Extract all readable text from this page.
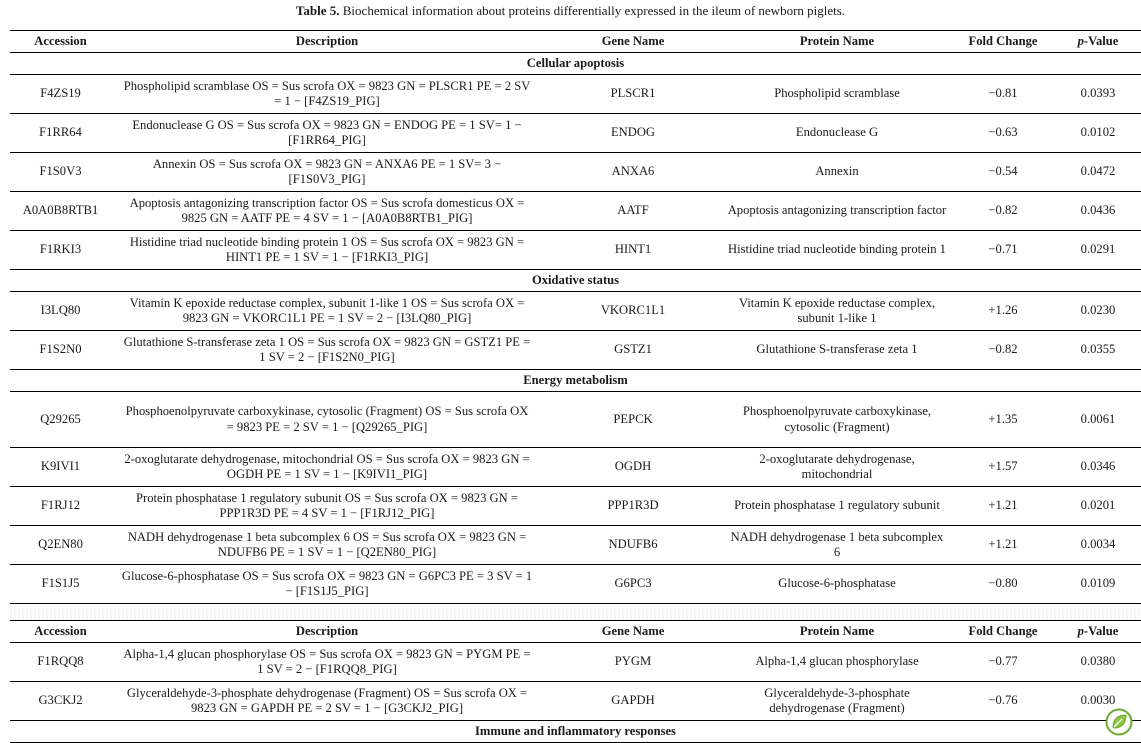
Table 5. Biochemical information about proteins differentially expressed in the ileum of newborn piglets.
Accession	Description	Gene Name	Protein Name	Fold Change	p-Value
Cellular apoptosis					
F4ZS19	Phospholipid scramblase OS = Sus scrofa OX = 9823 GN = PLSCR1 PE = 2 SV = 1 − [F4ZS19_PIG]	PLSCR1	Phospholipid scramblase	−0.81	0.0393
F1RR64	Endonuclease G OS = Sus scrofa OX = 9823 GN = ENDOG PE = 1 SV= 1 − [F1RR64_PIG]	ENDOG	Endonuclease G	−0.63	0.0102
F1S0V3	Annexin OS = Sus scrofa OX = 9823 GN = ANXA6 PE = 1 SV= 3 − [F1S0V3_PIG]	ANXA6	Annexin	−0.54	0.0472
A0A0B8RTB1	Apoptosis antagonizing transcription factor OS = Sus scrofa domesticus OX = 9825 GN = AATF PE = 4 SV = 1 − [A0A0B8RTB1_PIG]	AATF	Apoptosis antagonizing transcription factor	−0.82	0.0436
F1RKI3	Histidine triad nucleotide binding protein 1 OS = Sus scrofa OX = 9823 GN = HINT1 PE = 1 SV = 1 − [F1RKI3_PIG]	HINT1	Histidine triad nucleotide binding protein 1	−0.71	0.0291
Oxidative status					
I3LQ80	Vitamin K epoxide reductase complex, subunit 1-like 1 OS = Sus scrofa OX = 9823 GN = VKORC1L1 PE = 1 SV = 2 − [I3LQ80_PIG]	VKORC1L1	Vitamin K epoxide reductase complex, subunit 1-like 1	+1.26	0.0230
F1S2N0	Glutathione S-transferase zeta 1 OS = Sus scrofa OX = 9823 GN = GSTZ1 PE = 1 SV = 2 − [F1S2N0_PIG]	GSTZ1	Glutathione S-transferase zeta 1	−0.82	0.0355
Energy metabolism					
Q29265	Phosphoenolpyruvate carboxykinase, cytosolic (Fragment) OS = Sus scrofa OX = 9823 PE = 2 SV = 1 − [Q29265_PIG]	PEPCK	Phosphoenolpyruvate carboxykinase, cytosolic (Fragment)	+1.35	0.0061
K9IVI1	2-oxoglutarate dehydrogenase, mitochondrial OS = Sus scrofa OX = 9823 GN = OGDH PE = 1 SV = 1 − [K9IVI1_PIG]	OGDH	2-oxoglutarate dehydrogenase, mitochondrial	+1.57	0.0346
F1RJ12	Protein phosphatase 1 regulatory subunit OS = Sus scrofa OX = 9823 GN = PPP1R3D PE = 4 SV = 1 − [F1RJ12_PIG]	PPP1R3D	Protein phosphatase 1 regulatory subunit	+1.21	0.0201
Q2EN80	NADH dehydrogenase 1 beta subcomplex 6 OS = Sus scrofa OX = 9823 GN = NDUFB6 PE = 1 SV = 1 − [Q2EN80_PIG]	NDUFB6	NADH dehydrogenase 1 beta subcomplex 6	+1.21	0.0034
F1S1J5	Glucose-6-phosphatase OS = Sus scrofa OX = 9823 GN = G6PC3 PE = 3 SV = 1 − [F1S1J5_PIG]	G6PC3	Glucose-6-phosphatase	−0.80	0.0109
Accession	Description	Gene Name	Protein Name	Fold Change	p-Value
F1RQQ8	Alpha-1,4 glucan phosphorylase OS = Sus scrofa OX = 9823 GN = PYGM PE = 1 SV = 2 − [F1RQQ8_PIG]	PYGM	Alpha-1,4 glucan phosphorylase	−0.77	0.0380
G3CKJ2	Glyceraldehyde-3-phosphate dehydrogenase (Fragment) OS = Sus scrofa OX = 9823 GN = GAPDH PE = 2 SV = 1 − [G3CKJ2_PIG]	GAPDH	Glyceraldehyde-3-phosphate dehydrogenase (Fragment)	−0.76	0.0030
Immune and inflammatory responses					
